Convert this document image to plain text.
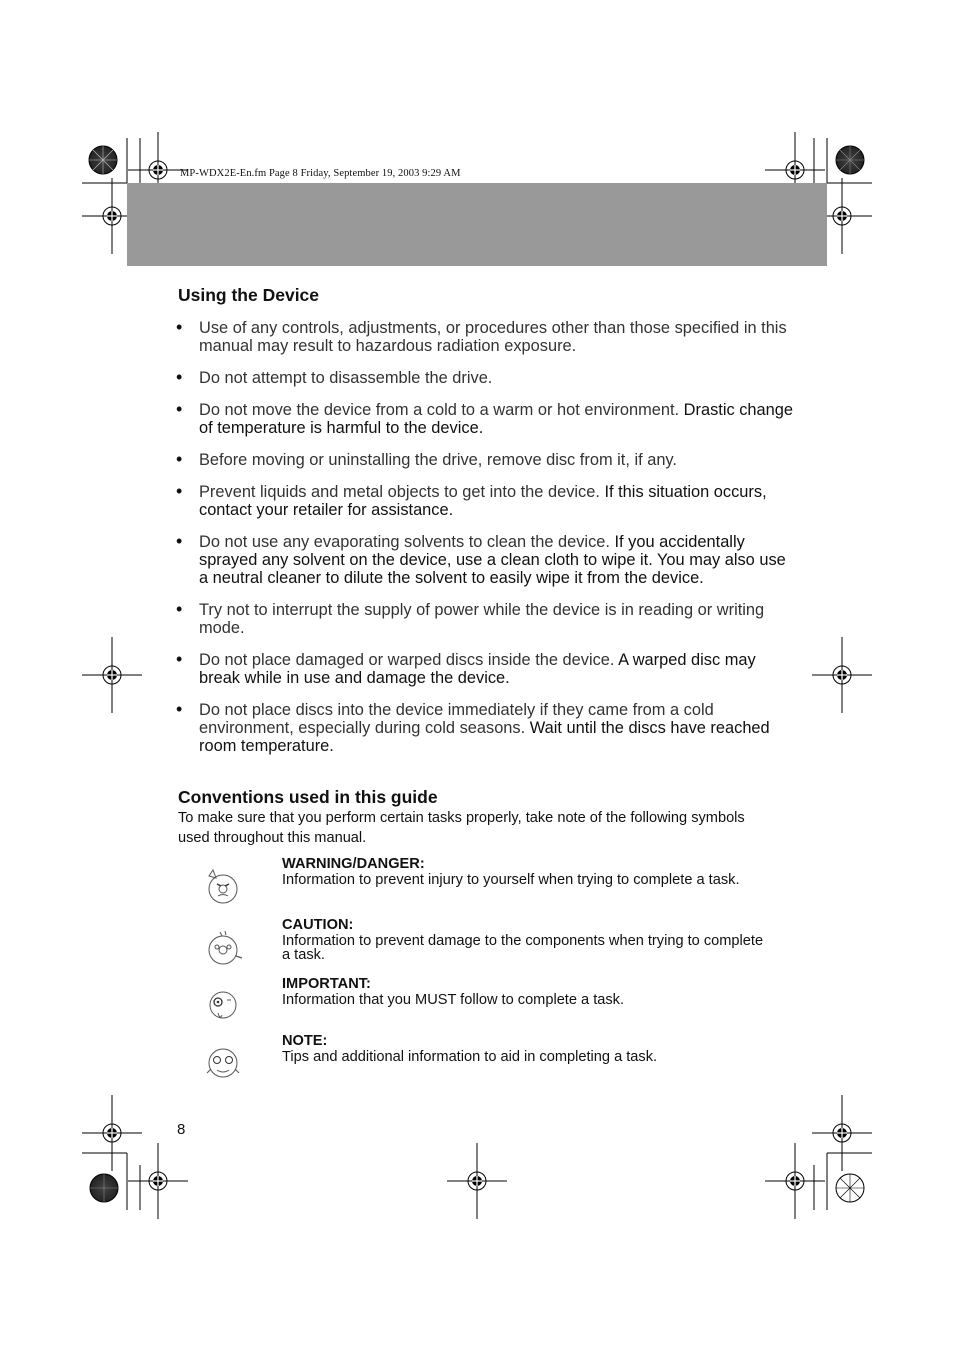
MP-WDX2E-En.fm Page 8 Friday, September 19, 2003 9:29 AM
Using the Device
• Use of any controls, adjustments, or procedures other than those specified in this manual may result to hazardous radiation exposure.
• Do not attempt to disassemble the drive.
• Do not move the device from a cold to a warm or hot environment. Drastic change of temperature is harmful to the device.
• Before moving or uninstalling the drive, remove disc from it, if any.
• Prevent liquids and metal objects to get into the device. If this situation occurs, contact your retailer for assistance.
• Do not use any evaporating solvents to clean the device. If you accidentally sprayed any solvent on the device, use a clean cloth to wipe it. You may also use a neutral cleaner to dilute the solvent to easily wipe it from the device.
• Try not to interrupt the supply of power while the device is in reading or writing mode.
• Do not place damaged or warped discs inside the device. A warped disc may break while in use and damage the device.
• Do not place discs into the device immediately if they came from a cold environment, especially during cold seasons. Wait until the discs have reached room temperature.
Conventions used in this guide
To make sure that you perform certain tasks properly, take note of the following symbols used throughout this manual.
WARNING/DANGER:
Information to prevent injury to yourself when trying to complete a task.
CAUTION:
Information to prevent damage to the components when trying to complete a task.
IMPORTANT:
Information that you MUST follow to complete a task.
NOTE:
Tips and additional information to aid in completing a task.
8
